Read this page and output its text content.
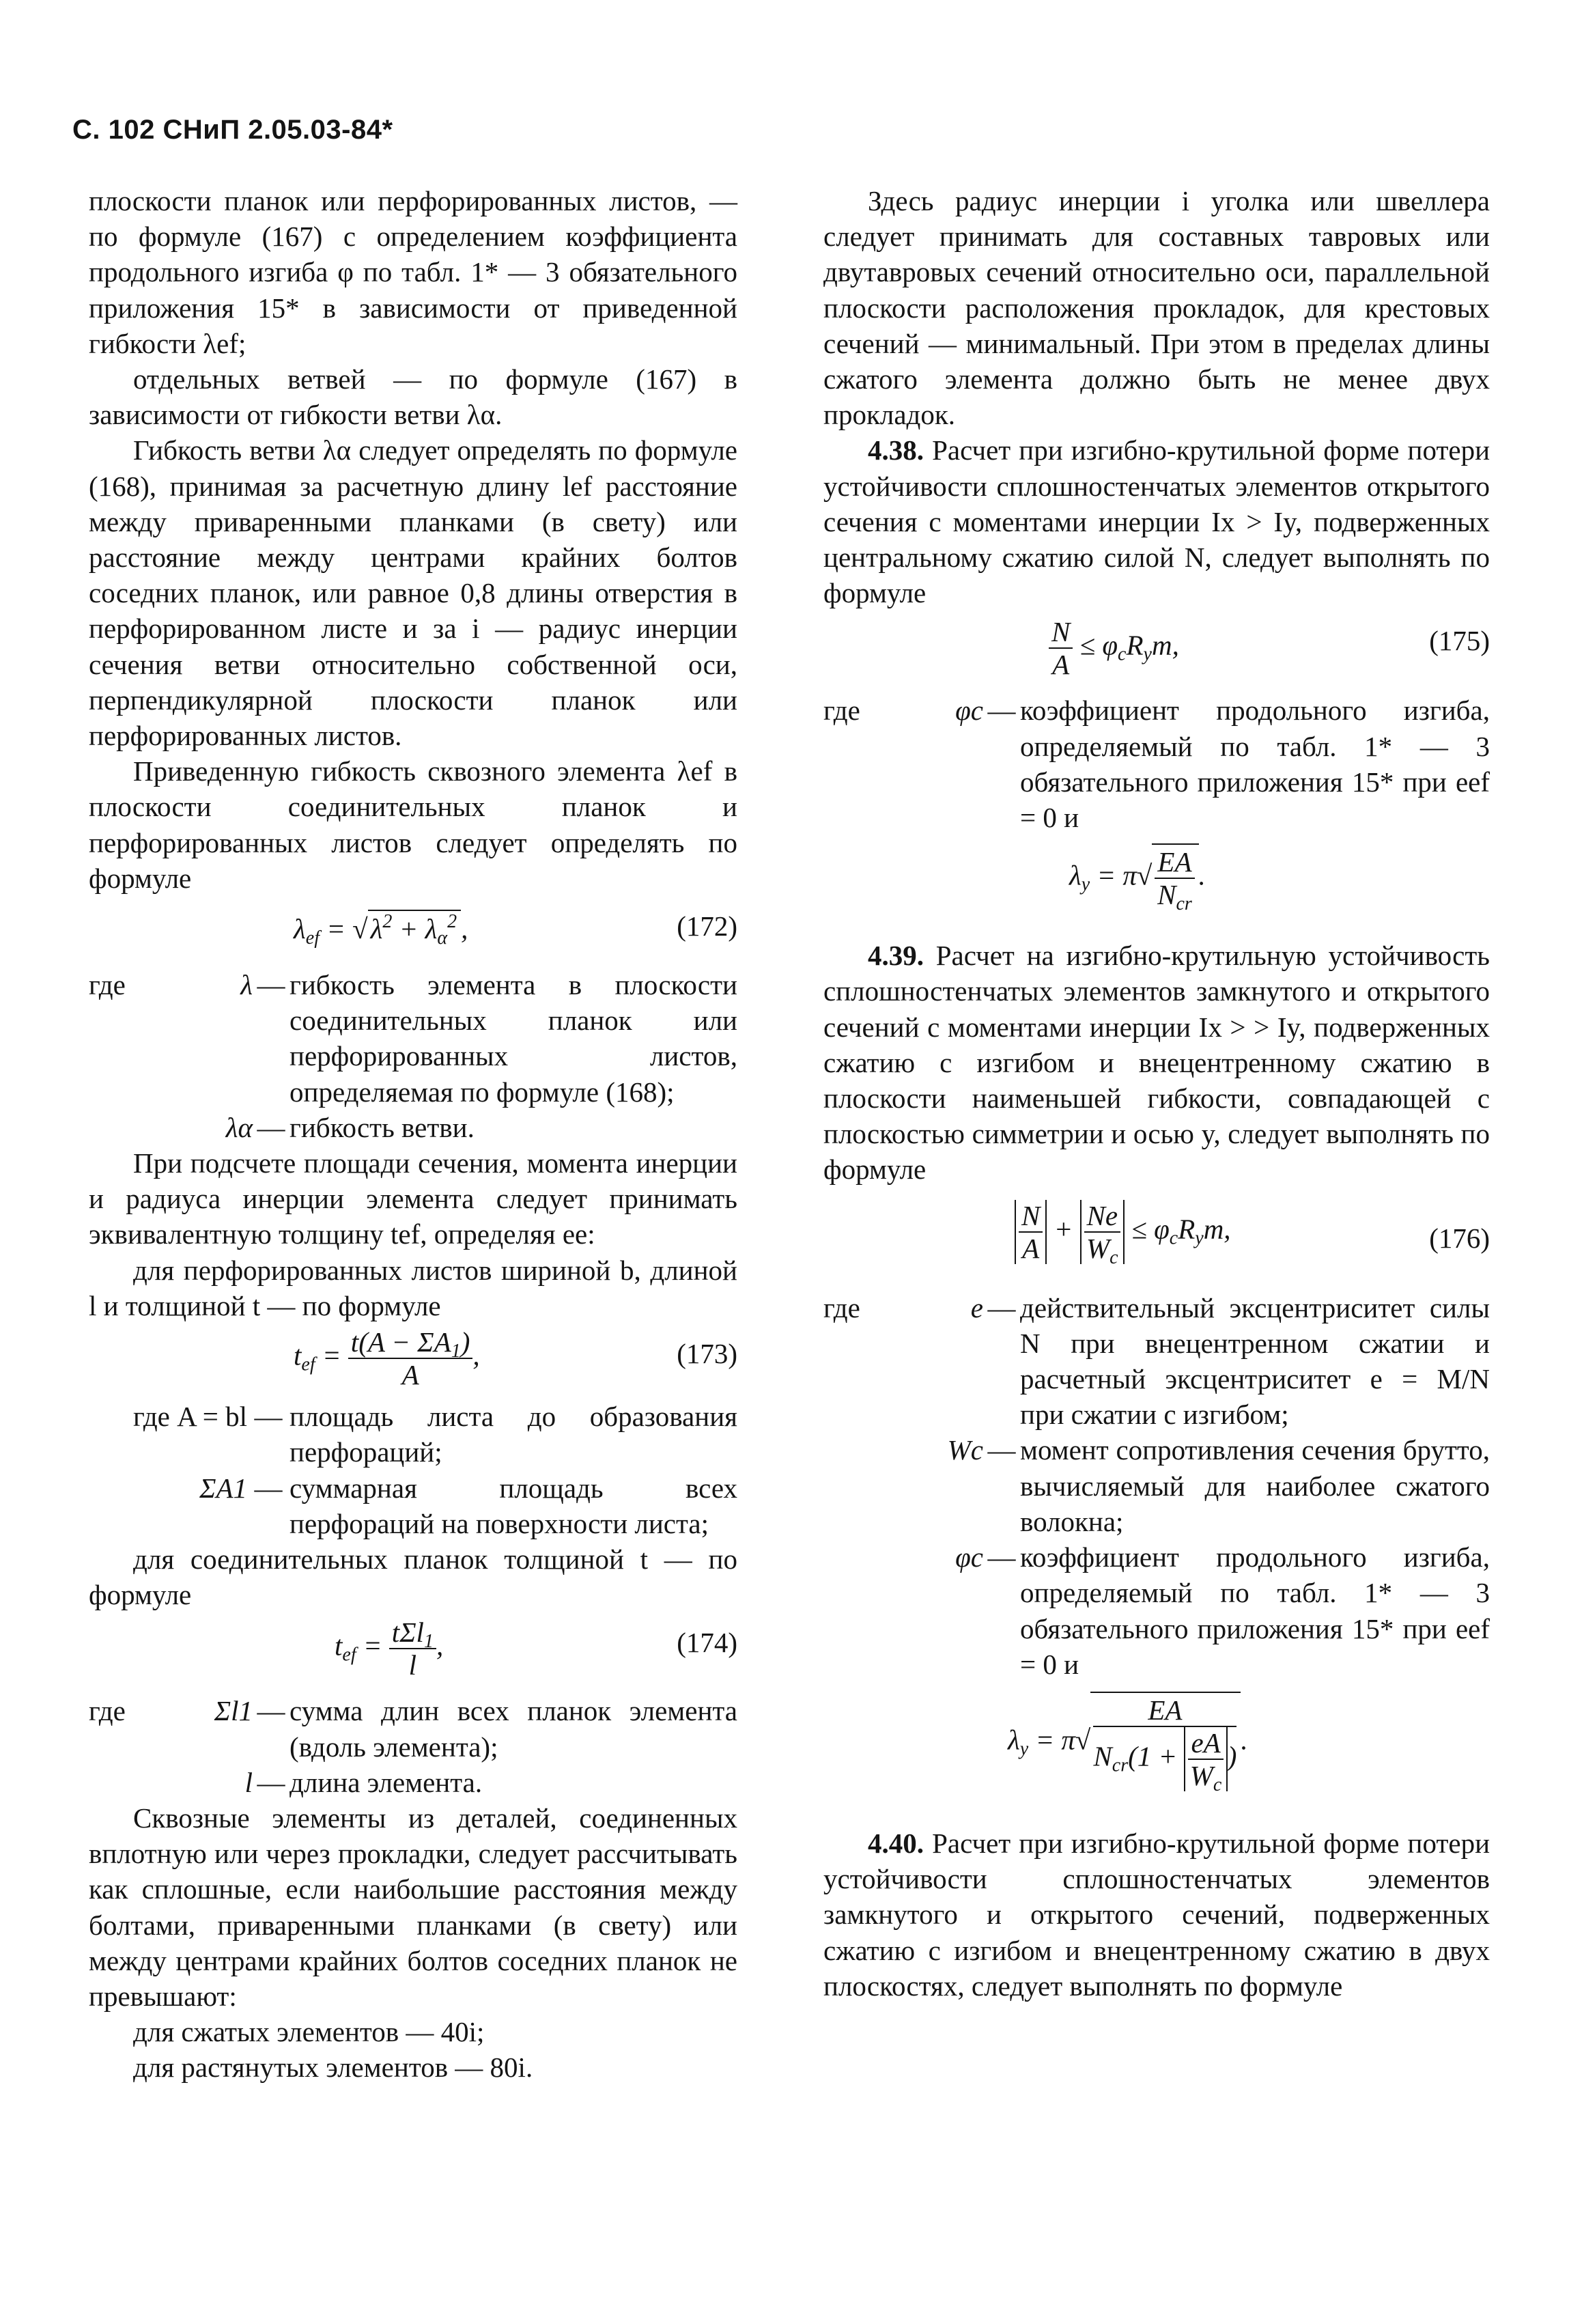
С. 102 СНиП 2.05.03-84*

плоскости планок или перфорированных листов, — по формуле (167) с определением коэффициента продольного изгиба φ по табл. 1* — 3 обязательного приложения 15* в зависимости от приведенной гибкости λef;

отдельных ветвей — по формуле (167) в зависимости от гибкости ветви λα.

Гибкость ветви λα следует определять по формуле (168), принимая за расчетную длину lef расстояние между приваренными планками (в свету) или расстояние между центрами крайних болтов соседних планок, или равное 0,8 длины отверстия в перфорированном листе и за i — радиус инерции сечения ветви относительно собственной оси, перпендикулярной плоскости планок или перфорированных листов.

Приведенную гибкость сквозного элемента λef в плоскости соединительных планок и перфорированных листов следует определять по формуле

$\lambda_{ef} = √\lambda^2 + \lambda_\alpha^2$ ,	(172)
где	λ — гибкость элемента в плоскости соединительных планок или перфорированных листов, определяемая по формуле (168);
λα — гибкость ветви.

При подсчете площади сечения, момента инерции и радиуса инерции элемента следует принимать эквивалентную толщину tef, определяя ее:

для перфорированных листов шириной b, длиной l и толщиной t — по формуле

$t_{ef} = \frac{t(A - \Sigma A_1)}{A}$ ,	(173)
где A = bl — площадь листа до образования перфораций;
ΣA1 — суммарная площадь всех перфораций на поверхности листа;

для соединительных планок толщиной t — по формуле

$t_{ef} = \frac{t\Sigma l_1}{l}$ ,	(174)
где	Σl1 — сумма длин всех планок элемента (вдоль элемента);
l — длина элемента.

Сквозные элементы из деталей, соединенных вплотную или через прокладки, следует рассчитывать как сплошные, если наибольшие расстояния между болтами, приваренными планками (в свету) или между центрами крайних болтов соседних планок не превышают:

для сжатых элементов — 40i;

для растянутых элементов — 80i.

Здесь радиус инерции i уголка или швеллера следует принимать для составных тавровых или двутавровых сечений относительно оси, параллельной плоскости расположения прокладок, для крестовых сечений — минимальный. При этом в пределах длины сжатого элемента должно быть не менее двух прокладок.

4.38. Расчет при изгибно-крутильной форме потери устойчивости сплошностенчатых элементов открытого сечения с моментами инерции Ix > Iy, подверженных центральному сжатию силой N, следует выполнять по формуле

$\frac{N}{A} \le \varphi_cR_ym$,	(175)
где	φc — коэффициент продольного изгиба, определяемый по табл. 1* — 3 обязательного приложения 15* при eef = 0 и
$\lambda_y = \pi√ \frac{EA}{N_{cr}}$ .

4.39. Расчет на изгибно-крутильную устойчивость сплошностенчатых элементов замкнутого и открытого сечений с моментами инерции Ix > > Iy, подверженных сжатию с изгибом и внецентренному сжатию в плоскости наименьшей гибкости, совпадающей с плоскостью симметрии и осью y, следует выполнять по формуле

$\frac{N}{A} + \frac{Ne}{W_c} \le \varphi_cR_ym$,	(176)
где	e — действительный эксцентриситет силы N при внецентренном сжатии и расчетный эксцентриситет e = M/N при сжатии с изгибом;
Wc — момент сопротивления сечения брутто, вычисляемый для наиболее сжатого волокна;
φc — коэффициент продольного изгиба, определяемый по табл. 1* — 3 обязательного приложения 15* при eef = 0 и
$\lambda_y = \pi√ \frac{EA}{N_{cr}(1 + \frac{eA}{W_c} )}$ .

4.40. Расчет при изгибно-крутильной форме потери устойчивости сплошностенчатых элементов замкнутого и открытого сечений, подверженных сжатию с изгибом и внецентренному сжатию в двух плоскостях, следует выполнять по формуле
